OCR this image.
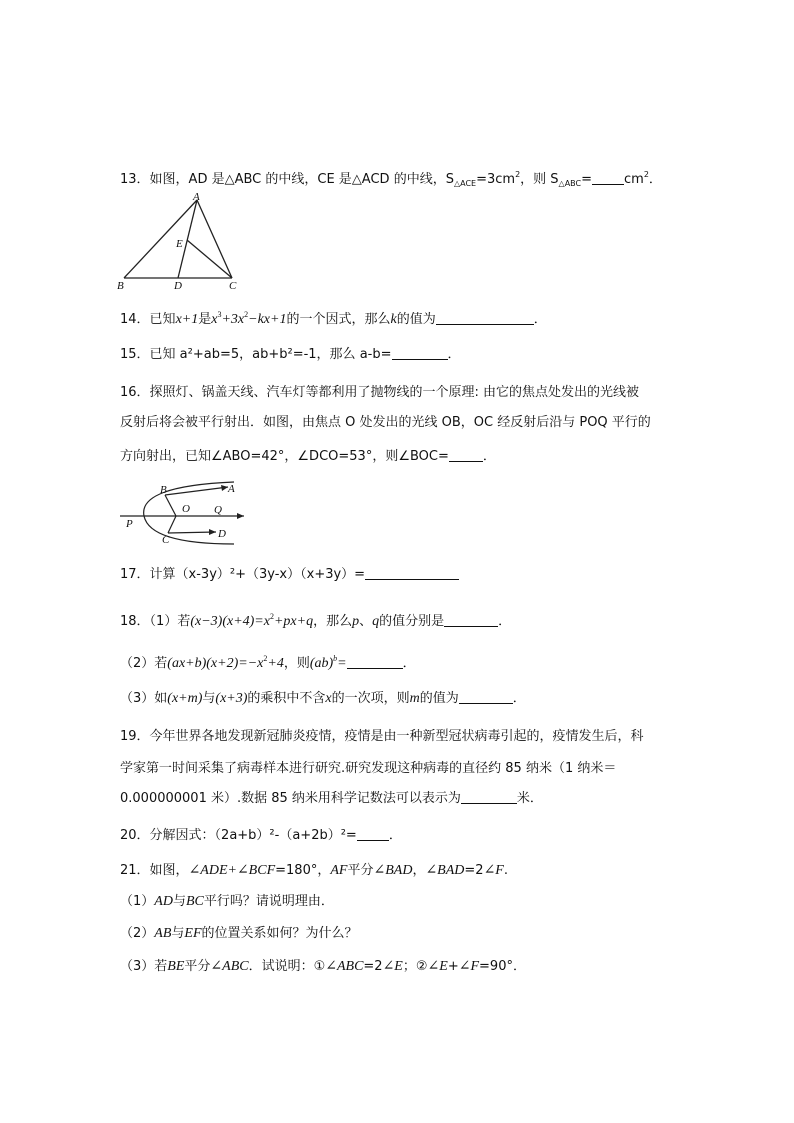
13．如图，AD 是△ABC 的中线，CE 是△ACD 的中线，$S_{\triangle ACE}=3cm^2$，则 $S_{\triangle ABC}= cm^2$．
A
E
B	D	C
14．已知x+1是$x^3+3x^2-kx+1$的一个因式，那么k的值为	．
15．已知 a²+ab=5，ab+b²=-1，那么 a-b=	．
16．探照灯、锅盖天线、汽车灯等都利用了抛物线的一个原理: 由它的焦点处发出的光线被
反射后将会被平行射出．如图，由焦点 O 处发出的光线 OB，OC 经反射后沿与 POQ 平行的
方向射出，已知∠ABO=42°，∠DCO=53°，则∠BOC=	．
B	A
O Q
P
D
C
17．计算（x-3y）²+（3y-x）（x+3y）=
18．（1）若$(x-3)(x+4)=x^2+px+q$，那么p、q的值分别是	．
（2）若$(ax+b)(x+2)=-x^2+4$，则(ab)$^b$=	．
（3）如(x+m)与(x+3)的乘积中不含x的一次项，则m的值为	．
19．今年世界各地发现新冠肺炎疫情，疫情是由一种新型冠状病毒引起的，疫情发生后，科
学家第一时间采集了病毒样本进行研究.研究发现这种病毒的直径约 85 纳米（1 纳米＝
0.000000001 米）.数据 85 纳米用科学记数法可以表示为	米．
20．分解因式：（2a+b）²-（a+2b）²= ．
21．如图，∠ADE+∠BCF=180°，AF平分∠BAD，∠BAD=2∠F.
（1）AD与BC平行吗？请说明理由．
（2）AB与EF的位置关系如何？为什么？
（3）若BE平分∠ABC．试说明：①∠ABC=2∠E；②∠E+∠F=90°．
